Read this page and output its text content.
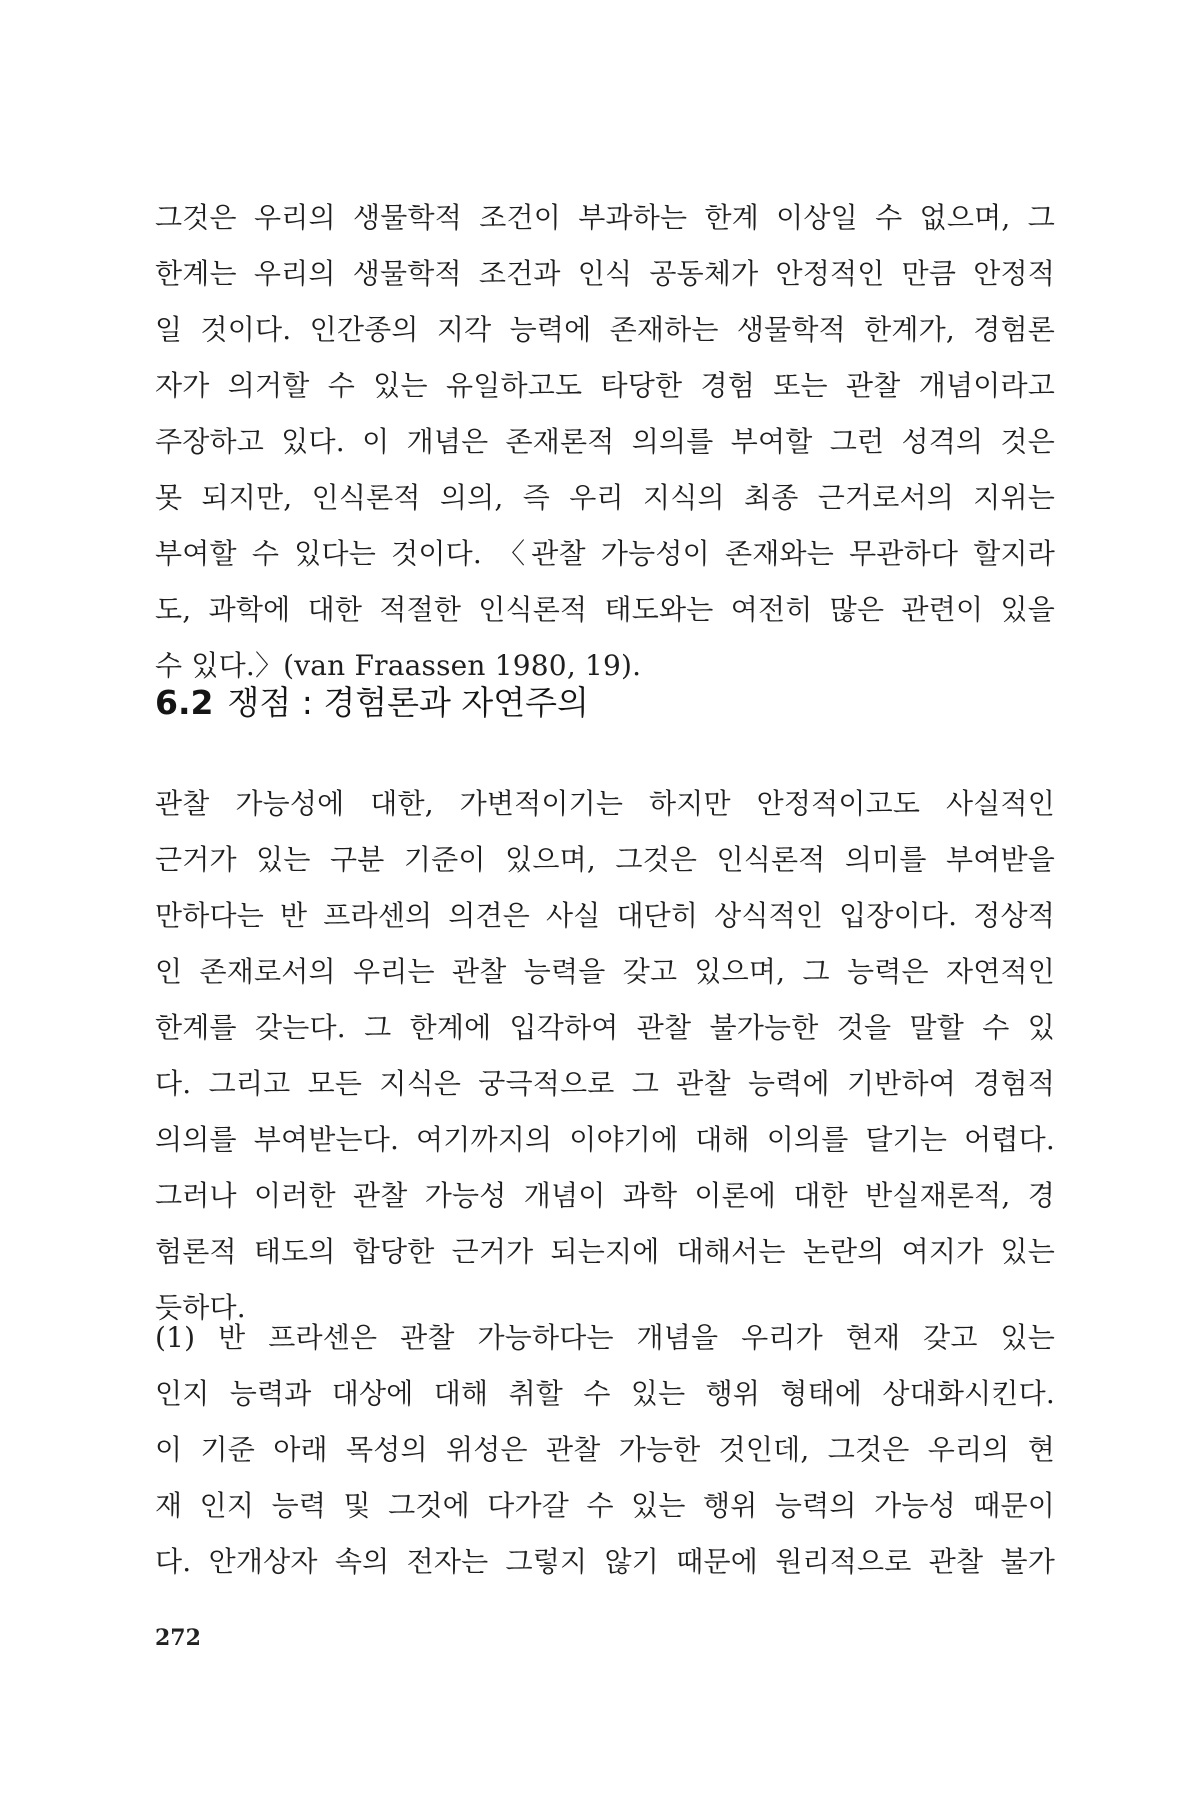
그것은 우리의 생물학적 조건이 부과하는 한계 이상일 수 없으며, 그
한계는 우리의 생물학적 조건과 인식 공동체가 안정적인 만큼 안정적
일 것이다. 인간종의 지각 능력에 존재하는 생물학적 한계가, 경험론
자가 의거할 수 있는 유일하고도 타당한 경험 또는 관찰 개념이라고
주장하고 있다. 이 개념은 존재론적 의의를 부여할 그런 성격의 것은
못 되지만, 인식론적 의의, 즉 우리 지식의 최종 근거로서의 지위는
부여할 수 있다는 것이다. 〈관찰 가능성이 존재와는 무관하다 할지라
도, 과학에 대한 적절한 인식론적 태도와는 여전히 많은 관련이 있을
수 있다.〉(van Fraassen 1980, 19).
6.2 쟁점 : 경험론과 자연주의
관찰 가능성에 대한, 가변적이기는 하지만 안정적이고도 사실적인
근거가 있는 구분 기준이 있으며, 그것은 인식론적 의미를 부여받을
만하다는 반 프라센의 의견은 사실 대단히 상식적인 입장이다. 정상적
인 존재로서의 우리는 관찰 능력을 갖고 있으며, 그 능력은 자연적인
한계를 갖는다. 그 한계에 입각하여 관찰 불가능한 것을 말할 수 있
다. 그리고 모든 지식은 궁극적으로 그 관찰 능력에 기반하여 경험적
의의를 부여받는다. 여기까지의 이야기에 대해 이의를 달기는 어렵다.
그러나 이러한 관찰 가능성 개념이 과학 이론에 대한 반실재론적, 경
험론적 태도의 합당한 근거가 되는지에 대해서는 논란의 여지가 있는
듯하다.
(1) 반 프라센은 관찰 가능하다는 개념을 우리가 현재 갖고 있는
인지 능력과 대상에 대해 취할 수 있는 행위 형태에 상대화시킨다.
이 기준 아래 목성의 위성은 관찰 가능한 것인데, 그것은 우리의 현
재 인지 능력 및 그것에 다가갈 수 있는 행위 능력의 가능성 때문이
다. 안개상자 속의 전자는 그렇지 않기 때문에 원리적으로 관찰 불가
272
